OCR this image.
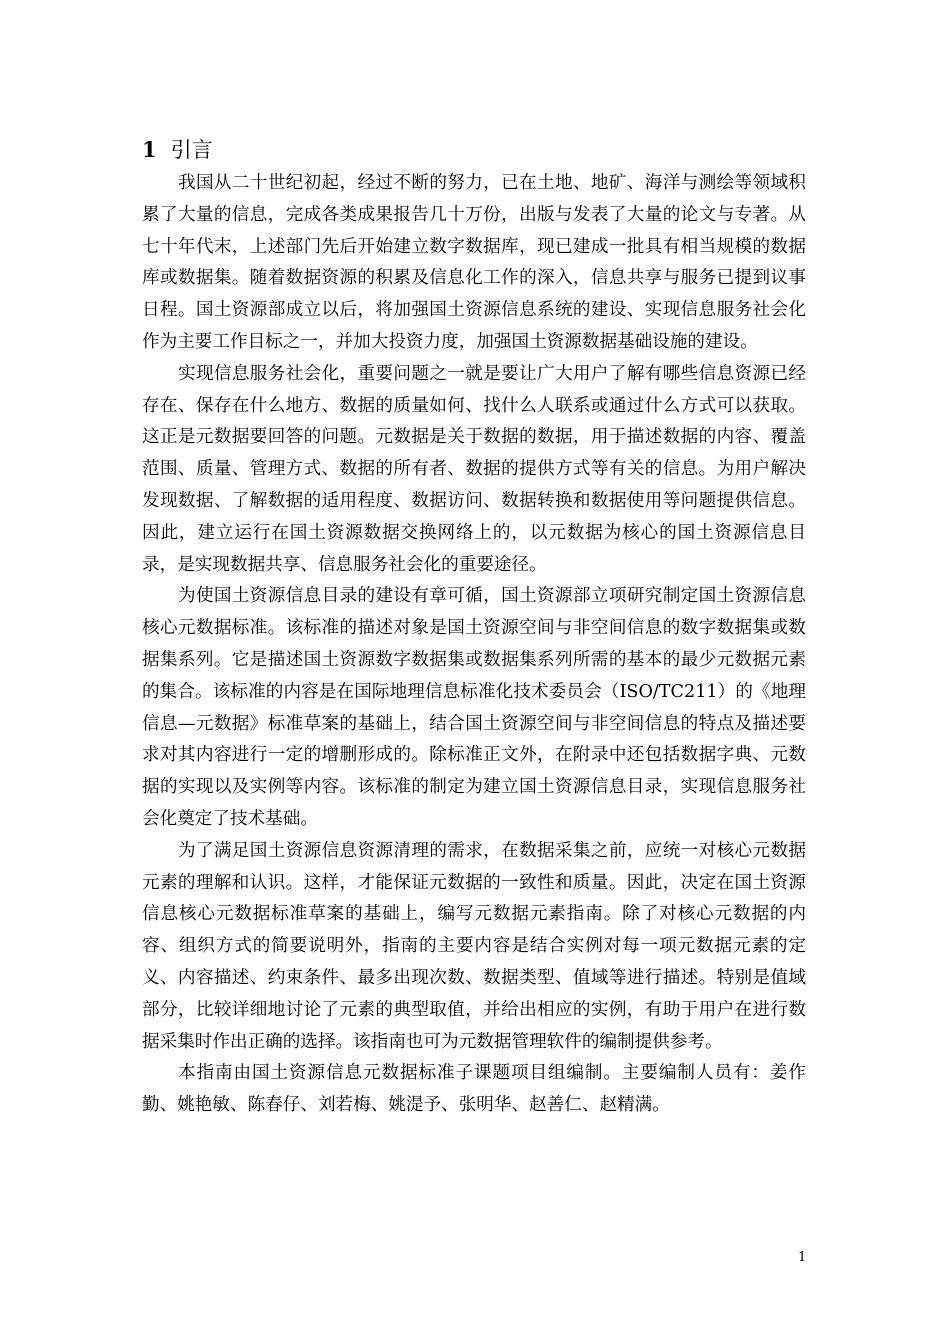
1 引言

我国从二十世纪初起，经过不断的努力，已在土地、地矿、海洋与测绘等领域积累了大量的信息，完成各类成果报告几十万份，出版与发表了大量的论文与专著。从七十年代末，上述部门先后开始建立数字数据库，现已建成一批具有相当规模的数据库或数据集。随着数据资源的积累及信息化工作的深入，信息共享与服务已提到议事日程。国土资源部成立以后，将加强国土资源信息系统的建设、实现信息服务社会化作为主要工作目标之一，并加大投资力度，加强国土资源数据基础设施的建设。

实现信息服务社会化，重要问题之一就是要让广大用户了解有哪些信息资源已经存在、保存在什么地方、数据的质量如何、找什么人联系或通过什么方式可以获取。这正是元数据要回答的问题。元数据是关于数据的数据，用于描述数据的内容、覆盖范围、质量、管理方式、数据的所有者、数据的提供方式等有关的信息。为用户解决发现数据、了解数据的适用程度、数据访问、数据转换和数据使用等问题提供信息。因此，建立运行在国土资源数据交换网络上的，以元数据为核心的国土资源信息目录，是实现数据共享、信息服务社会化的重要途径。

为使国土资源信息目录的建设有章可循，国土资源部立项研究制定国土资源信息核心元数据标准。该标准的描述对象是国土资源空间与非空间信息的数字数据集或数据集系列。它是描述国土资源数字数据集或数据集系列所需的基本的最少元数据元素的集合。该标准的内容是在国际地理信息标准化技术委员会（ISO/TC211）的《地理信息—元数据》标准草案的基础上，结合国土资源空间与非空间信息的特点及描述要求对其内容进行一定的增删形成的。除标准正文外，在附录中还包括数据字典、元数据的实现以及实例等内容。该标准的制定为建立国土资源信息目录，实现信息服务社会化奠定了技术基础。

为了满足国土资源信息资源清理的需求，在数据采集之前，应统一对核心元数据元素的理解和认识。这样，才能保证元数据的一致性和质量。因此，决定在国土资源信息核心元数据标准草案的基础上，编写元数据元素指南。除了对核心元数据的内容、组织方式的简要说明外，指南的主要内容是结合实例对每一项元数据元素的定义、内容描述、约束条件、最多出现次数、数据类型、值域等进行描述。特别是值域部分，比较详细地讨论了元素的典型取值，并给出相应的实例，有助于用户在进行数据采集时作出正确的选择。该指南也可为元数据管理软件的编制提供参考。

本指南由国土资源信息元数据标准子课题项目组编制。主要编制人员有：姜作勤、姚艳敏、陈春仔、刘若梅、姚湜予、张明华、赵善仁、赵精满。

1
